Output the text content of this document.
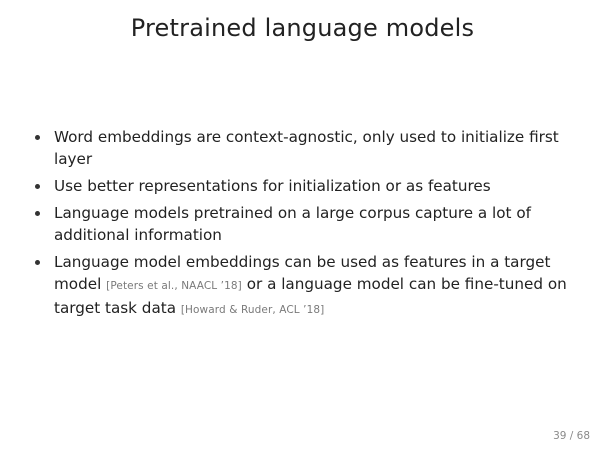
Pretrained language models
Word embeddings are context-agnostic, only used to initialize first layer
Use better representations for initialization or as features
Language models pretrained on a large corpus capture a lot of additional information
Language model embeddings can be used as features in a target model [Peters et al., NAACL ’18] or a language model can be fine-tuned on target task data [Howard & Ruder, ACL ’18]
39 / 68
